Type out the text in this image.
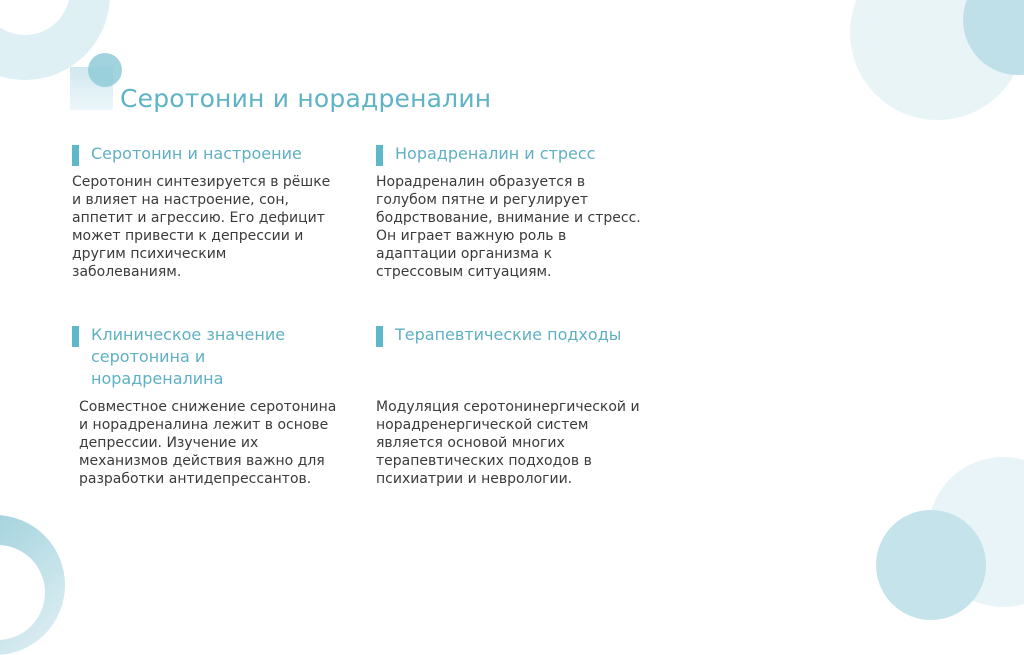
Серотонин и норадреналин
Серотонин и настроение
Серотонин синтезируется в рёшке и влияет на настроение, сон, аппетит и агрессию. Его дефицит может привести к депрессии и другим психическим заболеваниям.
Норадреналин и стресс
Норадреналин образуется в голубом пятне и регулирует бодрствование, внимание и стресс. Он играет важную роль в адаптации организма к стрессовым ситуациям.
Клиническое значение серотонина и норадреналина
Совместное снижение серотонина и норадреналина лежит в основе депрессии. Изучение их механизмов действия важно для разработки антидепрессантов.
Терапевтические подходы
Модуляция серотонинергической и норадренергической систем является основой многих терапевтических подходов в психиатрии и неврологии.
